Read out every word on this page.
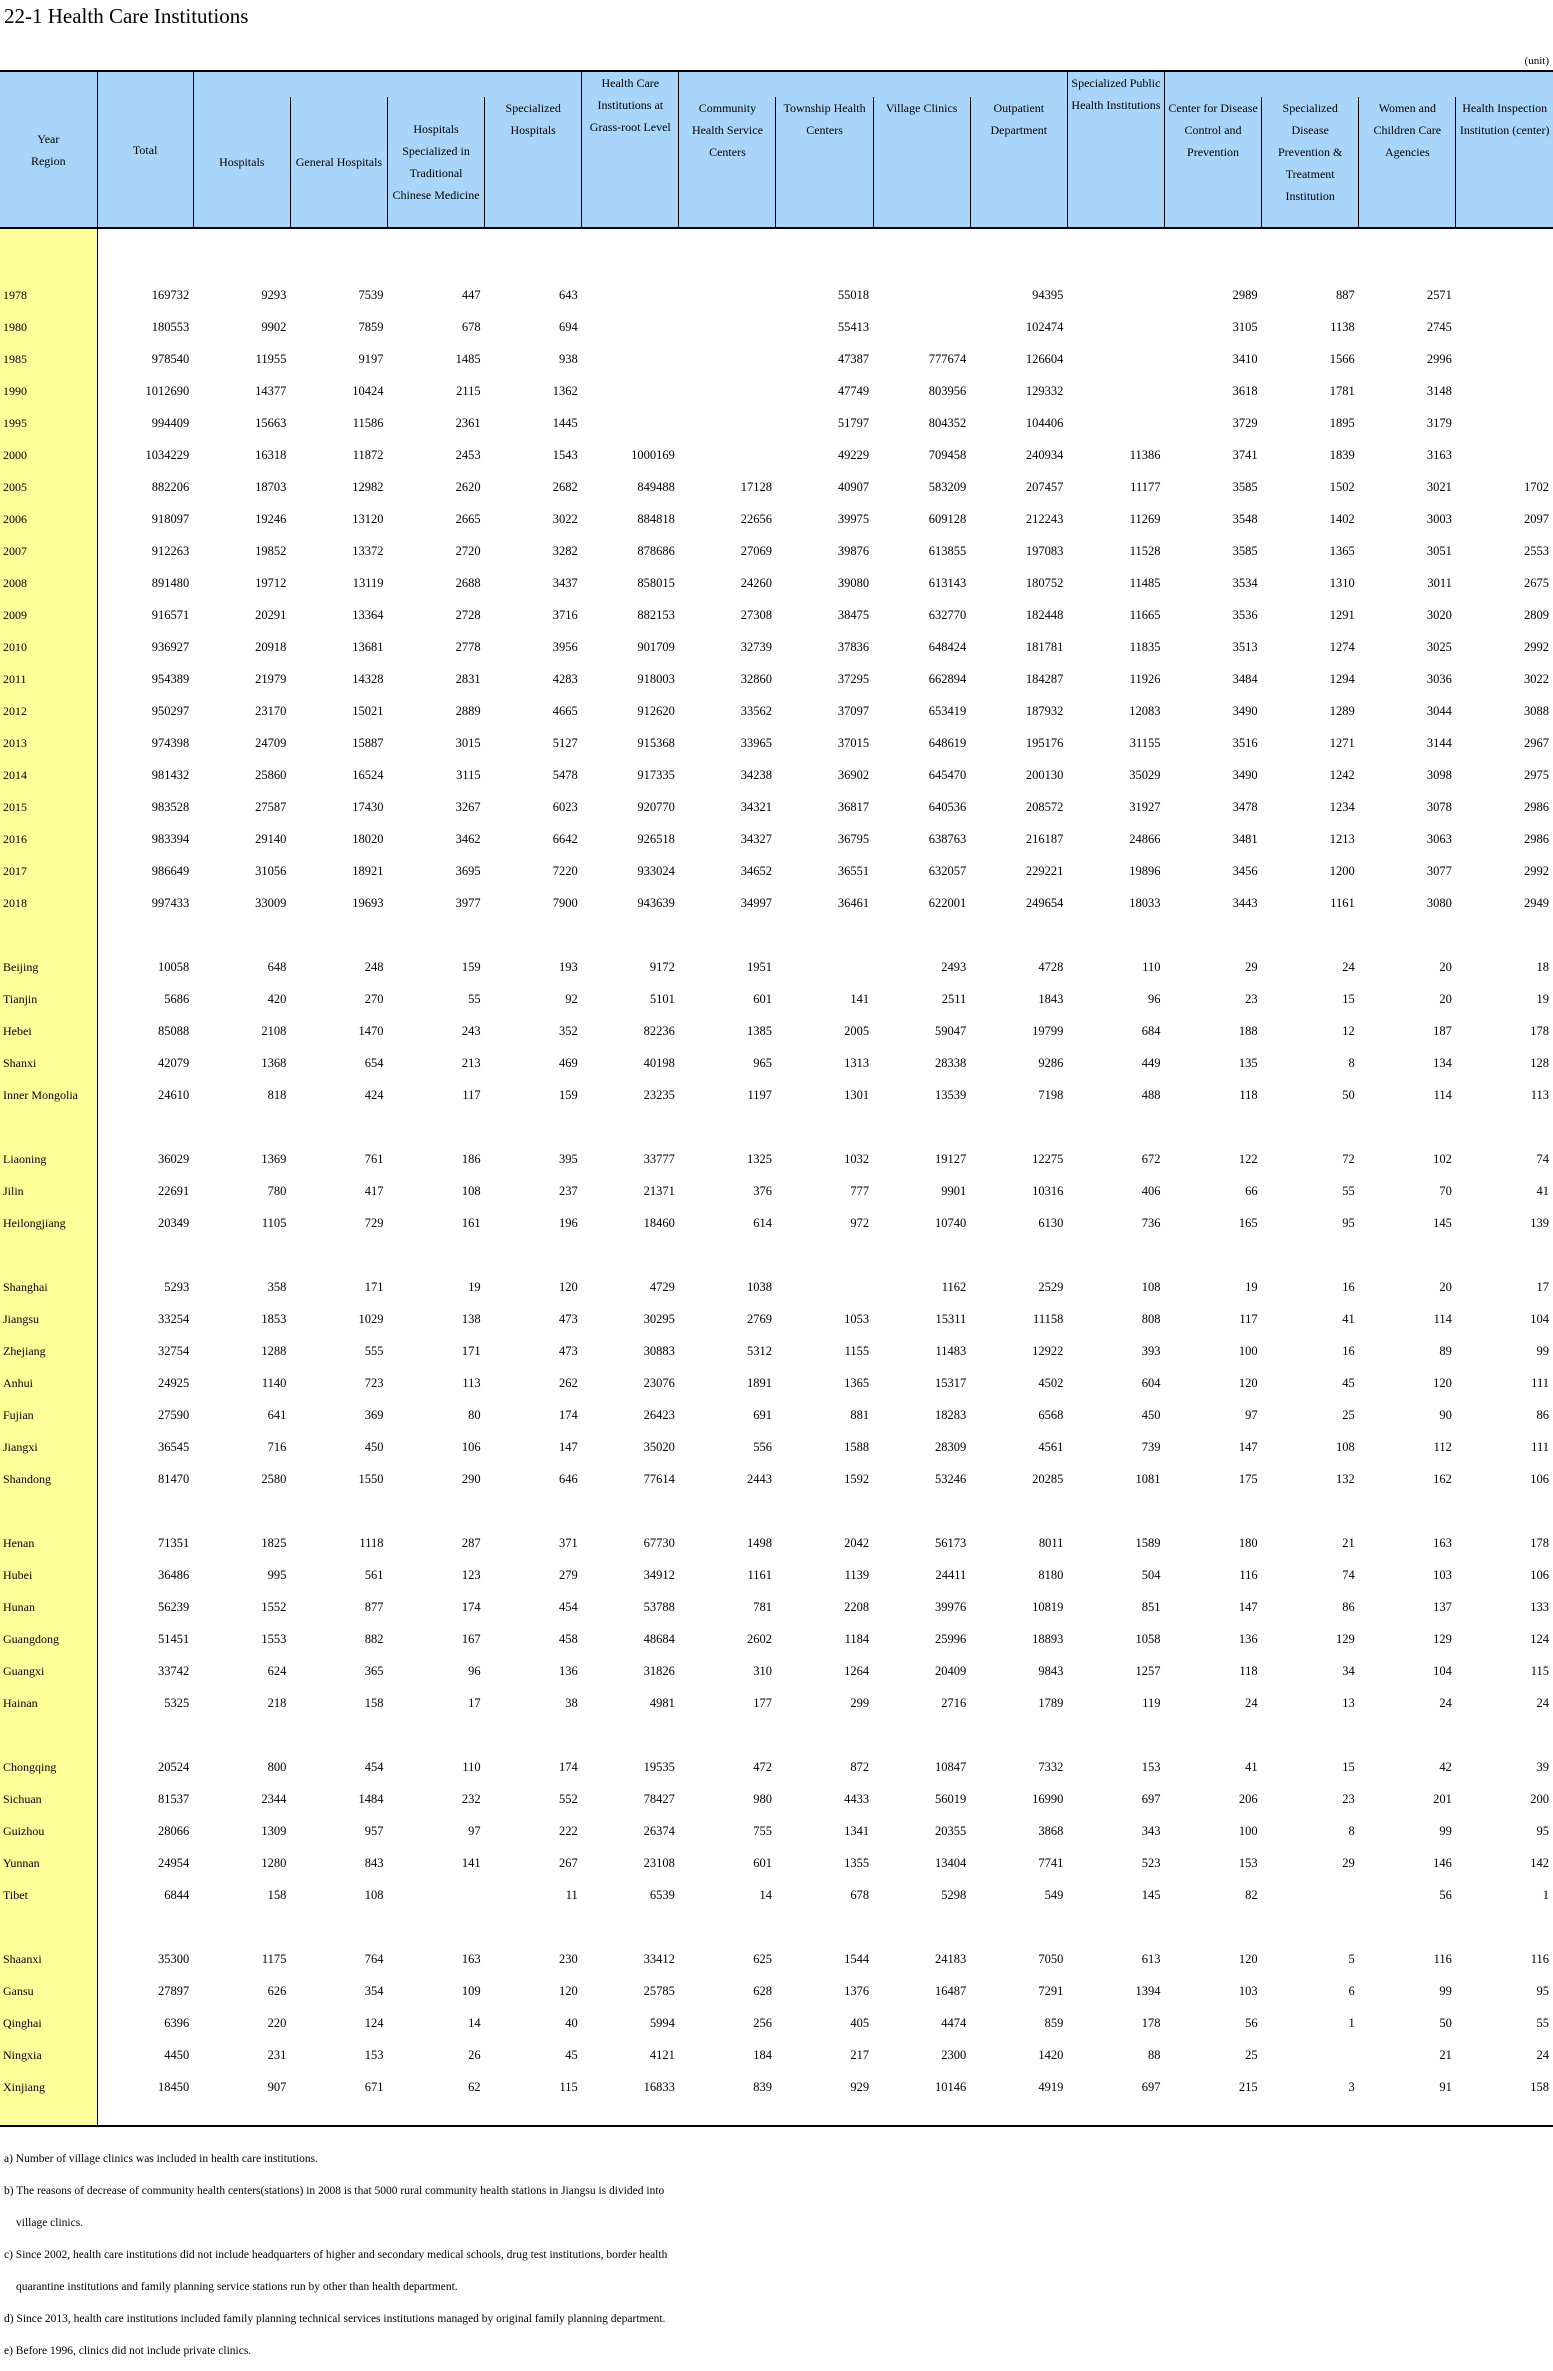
22-1 Health Care Institutions
(unit)
Year
Region	Total					Health Care Institutions at Grass-root Level					Specialized Public Health Institutions				
		Hospitals	General Hospitals	Hospitals Specialized in Traditional Chinese Medicine	Specialized Hospitals		Community Health Service Centers	Township Health Centers	Village Clinics	Outpatient Department		Center for Disease Control and Prevention	Specialized Disease Prevention & Treatment Institution	Women and Children Care Agencies	Health Inspection Institution (center)

1978	169732	9293	7539	447	643			55018		94395		2989	887	2571	
1980	180553	9902	7859	678	694			55413		102474		3105	1138	2745	
1985	978540	11955	9197	1485	938			47387	777674	126604		3410	1566	2996	
1990	1012690	14377	10424	2115	1362			47749	803956	129332		3618	1781	3148	
1995	994409	15663	11586	2361	1445			51797	804352	104406		3729	1895	3179	
2000	1034229	16318	11872	2453	1543	1000169		49229	709458	240934	11386	3741	1839	3163	
2005	882206	18703	12982	2620	2682	849488	17128	40907	583209	207457	11177	3585	1502	3021	1702
2006	918097	19246	13120	2665	3022	884818	22656	39975	609128	212243	11269	3548	1402	3003	2097
2007	912263	19852	13372	2720	3282	878686	27069	39876	613855	197083	11528	3585	1365	3051	2553
2008	891480	19712	13119	2688	3437	858015	24260	39080	613143	180752	11485	3534	1310	3011	2675
2009	916571	20291	13364	2728	3716	882153	27308	38475	632770	182448	11665	3536	1291	3020	2809
2010	936927	20918	13681	2778	3956	901709	32739	37836	648424	181781	11835	3513	1274	3025	2992
2011	954389	21979	14328	2831	4283	918003	32860	37295	662894	184287	11926	3484	1294	3036	3022
2012	950297	23170	15021	2889	4665	912620	33562	37097	653419	187932	12083	3490	1289	3044	3088
2013	974398	24709	15887	3015	5127	915368	33965	37015	648619	195176	31155	3516	1271	3144	2967
2014	981432	25860	16524	3115	5478	917335	34238	36902	645470	200130	35029	3490	1242	3098	2975
2015	983528	27587	17430	3267	6023	920770	34321	36817	640536	208572	31927	3478	1234	3078	2986
2016	983394	29140	18020	3462	6642	926518	34327	36795	638763	216187	24866	3481	1213	3063	2986
2017	986649	31056	18921	3695	7220	933024	34652	36551	632057	229221	19896	3456	1200	3077	2992
2018	997433	33009	19693	3977	7900	943639	34997	36461	622001	249654	18033	3443	1161	3080	2949

Beijing	10058	648	248	159	193	9172	1951		2493	4728	110	29	24	20	18
Tianjin	5686	420	270	55	92	5101	601	141	2511	1843	96	23	15	20	19
Hebei	85088	2108	1470	243	352	82236	1385	2005	59047	19799	684	188	12	187	178
Shanxi	42079	1368	654	213	469	40198	965	1313	28338	9286	449	135	8	134	128
Inner Mongolia	24610	818	424	117	159	23235	1197	1301	13539	7198	488	118	50	114	113

Liaoning	36029	1369	761	186	395	33777	1325	1032	19127	12275	672	122	72	102	74
Jilin	22691	780	417	108	237	21371	376	777	9901	10316	406	66	55	70	41
Heilongjiang	20349	1105	729	161	196	18460	614	972	10740	6130	736	165	95	145	139

Shanghai	5293	358	171	19	120	4729	1038		1162	2529	108	19	16	20	17
Jiangsu	33254	1853	1029	138	473	30295	2769	1053	15311	11158	808	117	41	114	104
Zhejiang	32754	1288	555	171	473	30883	5312	1155	11483	12922	393	100	16	89	99
Anhui	24925	1140	723	113	262	23076	1891	1365	15317	4502	604	120	45	120	111
Fujian	27590	641	369	80	174	26423	691	881	18283	6568	450	97	25	90	86
Jiangxi	36545	716	450	106	147	35020	556	1588	28309	4561	739	147	108	112	111
Shandong	81470	2580	1550	290	646	77614	2443	1592	53246	20285	1081	175	132	162	106

Henan	71351	1825	1118	287	371	67730	1498	2042	56173	8011	1589	180	21	163	178
Hubei	36486	995	561	123	279	34912	1161	1139	24411	8180	504	116	74	103	106
Hunan	56239	1552	877	174	454	53788	781	2208	39976	10819	851	147	86	137	133
Guangdong	51451	1553	882	167	458	48684	2602	1184	25996	18893	1058	136	129	129	124
Guangxi	33742	624	365	96	136	31826	310	1264	20409	9843	1257	118	34	104	115
Hainan	5325	218	158	17	38	4981	177	299	2716	1789	119	24	13	24	24

Chongqing	20524	800	454	110	174	19535	472	872	10847	7332	153	41	15	42	39
Sichuan	81537	2344	1484	232	552	78427	980	4433	56019	16990	697	206	23	201	200
Guizhou	28066	1309	957	97	222	26374	755	1341	20355	3868	343	100	8	99	95
Yunnan	24954	1280	843	141	267	23108	601	1355	13404	7741	523	153	29	146	142
Tibet	6844	158	108		11	6539	14	678	5298	549	145	82		56	1

Shaanxi	35300	1175	764	163	230	33412	625	1544	24183	7050	613	120	5	116	116
Gansu	27897	626	354	109	120	25785	628	1376	16487	7291	1394	103	6	99	95
Qinghai	6396	220	124	14	40	5994	256	405	4474	859	178	56	1	50	55
Ningxia	4450	231	153	26	45	4121	184	217	2300	1420	88	25		21	24
Xinjiang	18450	907	671	62	115	16833	839	929	10146	4919	697	215	3	91	158

a) Number of village clinics was included in health care institutions.
b) The reasons of decrease of community health centers(stations) in 2008 is that 5000 rural community health stations in Jiangsu is divided into
village clinics.
c) Since 2002, health care institutions did not include headquarters of higher and secondary medical schools, drug test institutions, border health
quarantine institutions and family planning service stations run by other than health department.
d) Since 2013, health care institutions included family planning technical services institutions managed by original family planning department.
e) Before 1996, clinics did not include private clinics.
